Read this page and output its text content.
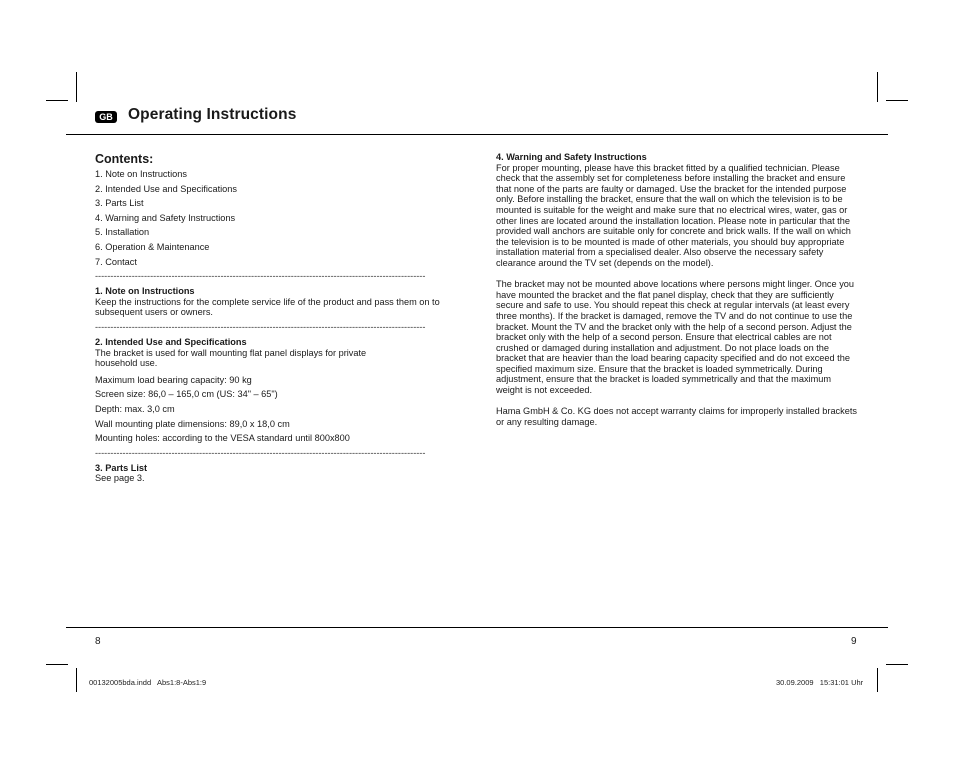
GB Operating Instructions
Contents:
1. Note on Instructions
2. Intended Use and Specifications
3. Parts List
4. Warning and Safety Instructions
5. Installation
6. Operation & Maintenance
7. Contact
------------------------------------------------------------------------------------------------------------
1. Note on Instructions

Keep the instructions for the complete service life of the product and pass them on to subsequent users or owners.

------------------------------------------------------------------------------------------------------------
2. Intended Use and Specifications

The bracket is used for wall mounting flat panel displays for private household use.

Maximum load bearing capacity: 90 kg
Screen size: 86,0 – 165,0 cm (US: 34" – 65")
Depth: max. 3,0 cm
Wall mounting plate dimensions: 89,0 x 18,0 cm
Mounting holes: according to the VESA standard until 800x800
------------------------------------------------------------------------------------------------------------
3. Parts List

See page 3.

4. Warning and Safety Instructions

For proper mounting, please have this bracket fitted by a qualified technician. Please check that the assembly set for completeness before installing the bracket and ensure that none of the parts are faulty or damaged. Use the bracket for the intended purpose only. Before installing the bracket, ensure that the wall on which the television is to be mounted is suitable for the weight and make sure that no electrical wires, water, gas or other lines are located around the installation location. Please note in particular that the provided wall anchors are suitable only for concrete and brick walls. If the wall on which the television is to be mounted is made of other materials, you should buy appropriate installation material from a specialised dealer. Also observe the necessary safety clearance around the TV set (depends on the model).

The bracket may not be mounted above locations where persons might linger. Once you have mounted the bracket and the flat panel display, check that they are sufficiently secure and safe to use. You should repeat this check at regular intervals (at least every three months). If the bracket is damaged, remove the TV and do not continue to use the bracket. Mount the TV and the bracket only with the help of a second person. Adjust the bracket only with the help of a second person. Ensure that electrical cables are not crushed or damaged during installation and adjustment. Do not place loads on the bracket that are heavier than the load bearing capacity specified and do not exceed the specified maximum size. Ensure that the bracket is loaded symmetrically. During adjustment, ensure that the bracket is loaded symmetrically and that the maximum weight is not exceeded.

Hama GmbH & Co. KG does not accept warranty claims for improperly installed brackets or any resulting damage.

8	9
00132005bda.indd   Abs1:8-Abs1:9	30.09.2009   15:31:01 Uhr
